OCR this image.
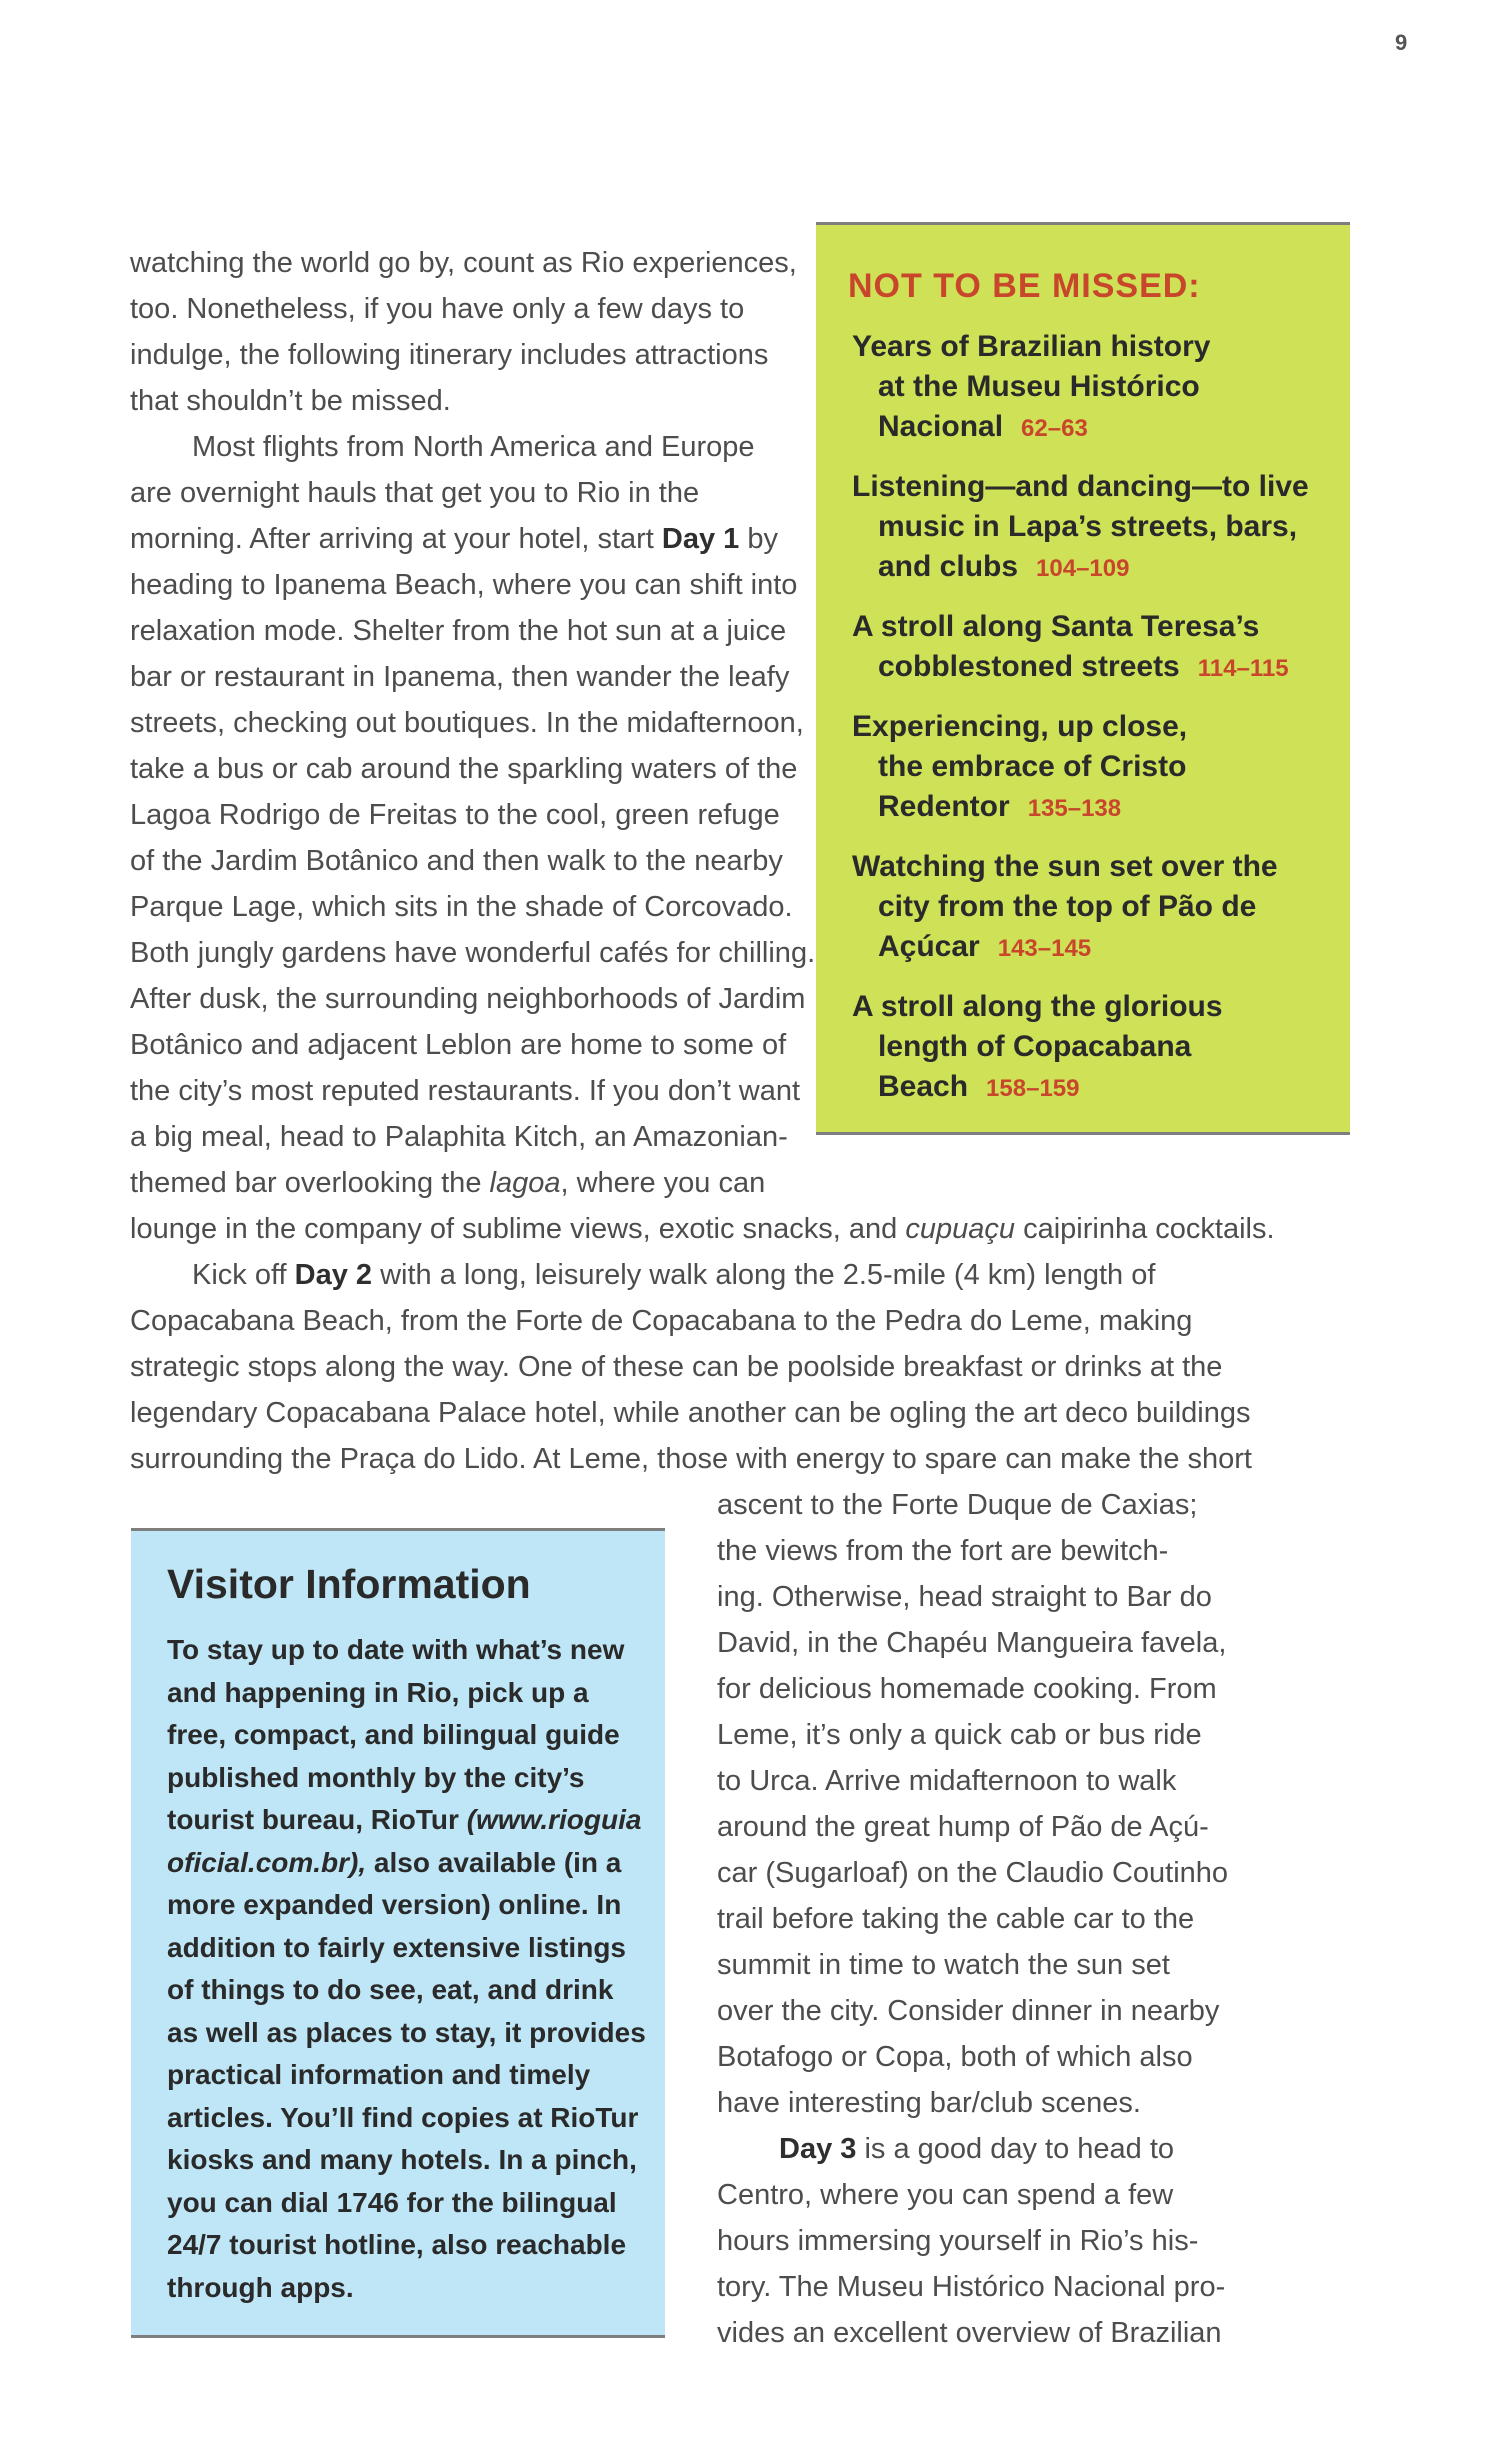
9
watching the world go by, count as Rio experiences,
too. Nonetheless, if you have only a few days to
indulge, the following itinerary includes attractions
that shouldn’t be missed.
Most flights from North America and Europe
are overnight hauls that get you to Rio in the
morning. After arriving at your hotel, start Day 1 by
heading to Ipanema Beach, where you can shift into
relaxation mode. Shelter from the hot sun at a juice
bar or restaurant in Ipanema, then wander the leafy
streets, checking out boutiques. In the midafternoon,
take a bus or cab around the sparkling waters of the
Lagoa Rodrigo de Freitas to the cool, green refuge
of the Jardim Botânico and then walk to the nearby
Parque Lage, which sits in the shade of Corcovado.
Both jungly gardens have wonderful cafés for chilling.
After dusk, the surrounding neighborhoods of Jardim
Botânico and adjacent Leblon are home to some of
the city’s most reputed restaurants. If you don’t want
a big meal, head to Palaphita Kitch, an Amazonian-
themed bar overlooking the lagoa, where you can
lounge in the company of sublime views, exotic snacks, and cupuaçu caipirinha cocktails.
Kick off Day 2 with a long, leisurely walk along the 2.5-mile (4 km) length of
Copacabana Beach, from the Forte de Copacabana to the Pedra do Leme, making
strategic stops along the way. One of these can be poolside breakfast or drinks at the
legendary Copacabana Palace hotel, while another can be ogling the art deco buildings
surrounding the Praça do Lido. At Leme, those with energy to spare can make the short
ascent to the Forte Duque de Caxias;
the views from the fort are bewitch-
ing. Otherwise, head straight to Bar do
David, in the Chapéu Mangueira favela,
for delicious homemade cooking. From
Leme, it’s only a quick cab or bus ride
to Urca. Arrive midafternoon to walk
around the great hump of Pão de Açú-
car (Sugarloaf) on the Claudio Coutinho
trail before taking the cable car to the
summit in time to watch the sun set
over the city. Consider dinner in nearby
Botafogo or Copa, both of which also
have interesting bar/club scenes.
Day 3 is a good day to head to
Centro, where you can spend a few
hours immersing yourself in Rio’s his-
tory. The Museu Histórico Nacional pro-
vides an excellent overview of Brazilian
NOT TO BE MISSED:
Years of Brazilian history
at the Museu Histórico
Nacional 62–63
Listening—and dancing—to live
music in Lapa’s streets, bars,
and clubs 104–109
A stroll along Santa Teresa’s
cobblestoned streets 114–115
Experiencing, up close,
the embrace of Cristo
Redentor 135–138
Watching the sun set over the
city from the top of Pão de
Açúcar 143–145
A stroll along the glorious
length of Copacabana
Beach 158–159
Visitor Information
To stay up to date with what’s new
and happening in Rio, pick up a
free, compact, and bilingual guide
published monthly by the city’s
tourist bureau, RioTur (www.rioguia
oficial.com.br), also available (in a
more expanded version) online. In
addition to fairly extensive listings
of things to do see, eat, and drink
as well as places to stay, it provides
practical information and timely
articles. You’ll find copies at RioTur
kiosks and many hotels. In a pinch,
you can dial 1746 for the bilingual
24/7 tourist hotline, also reachable
through apps.
